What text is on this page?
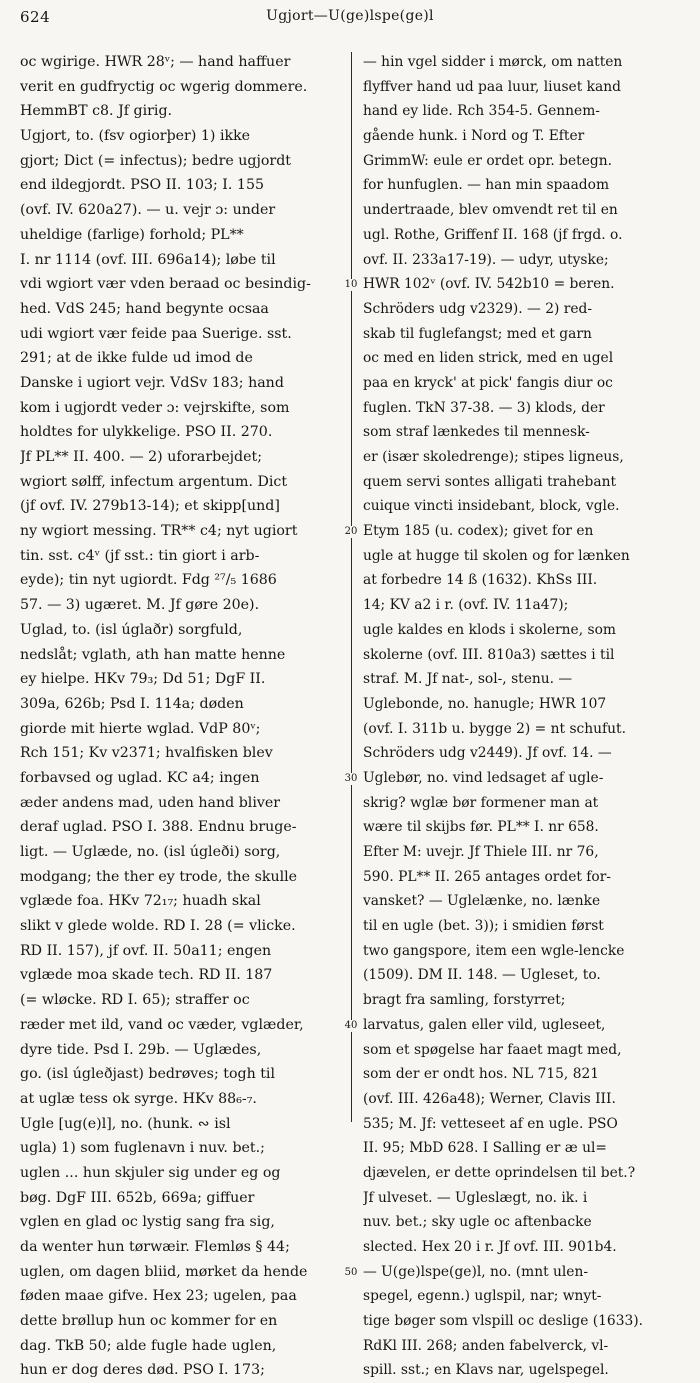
624	Ugjort—U(ge)lspe(ge)l
oc wgirige. HWR 28ᵛ; — hand haffuer
verit en gudfryctig oc wgerig dommere.
HemmBT c8. Jf girig.
Ugjort, to. (fsv ogiorþer) 1) ikke
gjort; Dict (= infectus); bedre ugjordt
end ildegjordt. PSO II. 103; I. 155
(ovf. IV. 620a27). — u. vejr ɔ: under
uheldige (farlige) forhold; PL**
I. nr 1114 (ovf. III. 696a14); løbe til
vdi wgiort vær vden beraad oc besindig-
hed. VdS 245; hand begynte ocsaa
udi wgiort vær feide paa Suerige. sst.
291; at de ikke fulde ud imod de
Danske i ugiort vejr. VdSv 183; hand
kom i ugjordt veder ɔ: vejrskifte, som
holdtes for ulykkelige. PSO II. 270.
Jf PL** II. 400. — 2) uforarbejdet;
wgiort sølff, infectum argentum. Dict
(jf ovf. IV. 279b13-14); et skipp[und]
ny wgiort messing. TR** c4; nyt ugiort
tin. sst. c4ᵛ (jf sst.: tin giort i arb-
eyde); tin nyt ugiordt. Fdg ²⁷/₅ 1686
57. — 3) ugæret. M. Jf gøre 20e).
Uglad, to. (isl úglaðr) sorgfuld,
nedslåt; vglath, ath han matte henne
ey hielpe. HKv 79₃; Dd 51; DgF II.
309a, 626b; Psd I. 114a; døden
giorde mit hierte wglad. VdP 80ᵛ;
Rch 151; Kv v2371; hvalfisken blev
forbavsed og uglad. KC a4; ingen
æder andens mad, uden hand bliver
deraf uglad. PSO I. 388. Endnu bruge-
ligt. — Uglæde, no. (isl úgleði) sorg,
modgang; the ther ey trode, the skulle
vglæde foa. HKv 72₁₇; huadh skal
slikt v glede wolde. RD I. 28 (= vlicke.
RD II. 157), jf ovf. II. 50a11; engen
vglæde moa skade tech. RD II. 187
(= wløcke. RD I. 65); straffer oc
ræder met ild, vand oc væder, vglæder,
dyre tide. Psd I. 29b. — Uglædes,
go. (isl úgleðjast) bedrøves; togh til
at uglæ tess ok syrge. HKv 88₆-₇.
Ugle [ug(e)l], no. (hunk. ∾ isl
ugla) 1) som fuglenavn i nuv. bet.;
uglen ... hun skjuler sig under eg og
bøg. DgF III. 652b, 669a; giffuer
vglen en glad oc lystig sang fra sig,
da wenter hun tørwæir. Flemløs § 44;
uglen, om dagen bliid, mørket da hende
føden maae gifve. Hex 23; ugelen, paa
dette brøllup hun oc kommer for en
dag. TkB 50; alde fugle hade uglen,
hun er dog deres død. PSO I. 173;
10
20
30
40
50
— hin vgel sidder i mørck, om natten
flyffver hand ud paa luur, liuset kand
hand ey lide. Rch 354-5. Gennem-
gående hunk. i Nord og T. Efter
GrimmW: eule er ordet opr. betegn.
for hunfuglen. — han min spaadom
undertraade, blev omvendt ret til en
ugl. Rothe, Griffenf II. 168 (jf frgd. o.
ovf. II. 233a17-19). — udyr, utyske;
HWR 102ᵛ (ovf. IV. 542b10 = beren.
Schröders udg v2329). — 2) red-
skab til fuglefangst; med et garn
oc med en liden strick, med en ugel
paa en kryck' at pick' fangis diur oc
fuglen. TkN 37-38. — 3) klods, der
som straf lænkedes til mennesk-
er (især skoledrenge); stipes ligneus,
quem servi sontes alligati trahebant
cuique vincti insidebant, block, vgle.
Etym 185 (u. codex); givet for en
ugle at hugge til skolen og for lænken
at forbedre 14 ß (1632). KhSs III.
14; KV a2 i r. (ovf. IV. 11a47);
ugle kaldes en klods i skolerne, som
skolerne (ovf. III. 810a3) sættes i til
straf. M. Jf nat-, sol-, stenu. —
Uglebonde, no. hanugle; HWR 107
(ovf. I. 311b u. bygge 2) = nt schufut.
Schröders udg v2449). Jf ovf. 14. —
Uglebør, no. vind ledsaget af ugle-
skrig? wglæ bør formener man at
wære til skijbs før. PL** I. nr 658.
Efter M: uvejr. Jf Thiele III. nr 76,
590. PL** II. 265 antages ordet for-
vansket? — Uglelænke, no. lænke
til en ugle (bet. 3)); i smidien først
two gangspore, item een wgle-lencke
(1509). DM II. 148. — Ugleset, to.
bragt fra samling, forstyrret;
larvatus, galen eller vild, ugleseet,
som et spøgelse har faaet magt med,
som der er ondt hos. NL 715, 821
(ovf. III. 426a48); Werner, Clavis III.
535; M. Jf: vetteseet af en ugle. PSO
II. 95; MbD 628. I Salling er æ ul=
djævelen, er dette oprindelsen til bet.?
Jf ulveset. — Ugleslægt, no. ik. i
nuv. bet.; sky ugle oc aftenbacke
slected. Hex 20 i r. Jf ovf. III. 901b4.
— U(ge)lspe(ge)l, no. (mnt ulen-
spegel, egenn.) uglspil, nar; wnyt-
tige bøger som vlspill oc deslige (1633).
RdKl III. 268; anden fabelverck, vl-
spill. sst.; en Klavs nar, ugelspegel.
